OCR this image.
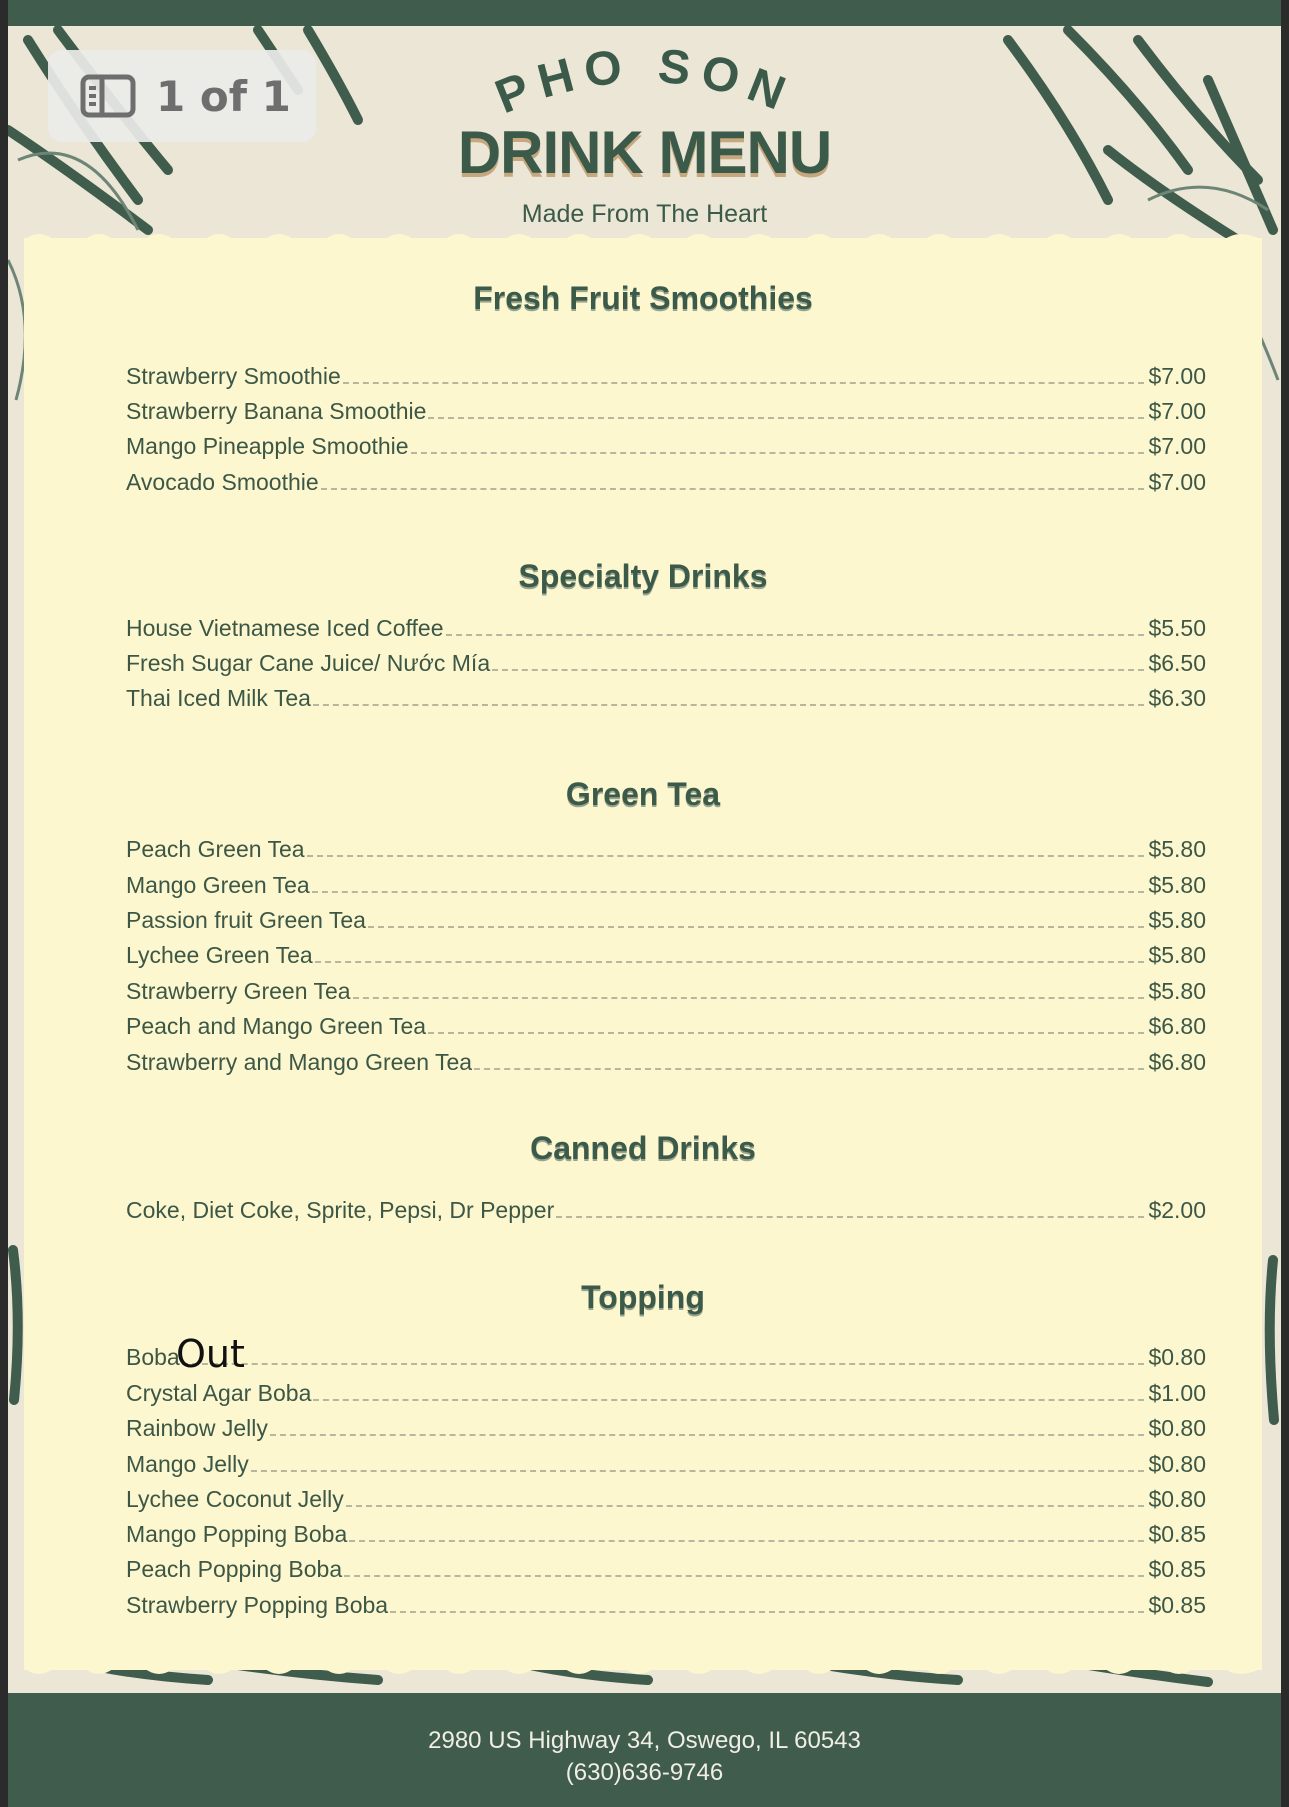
PHO SON
DRINK MENU
Made From The Heart
Fresh Fruit Smoothies
Strawberry Smoothie	$7.00
Strawberry Banana Smoothie	$7.00
Mango Pineapple Smoothie	$7.00
Avocado Smoothie	$7.00
Specialty Drinks
House Vietnamese Iced Coffee	$5.50
Fresh Sugar Cane Juice/ Nước Mía	$6.50
Thai Iced Milk Tea	$6.30
Green Tea
Peach Green Tea	$5.80
Mango Green Tea	$5.80
Passion fruit Green Tea	$5.80
Lychee Green Tea	$5.80
Strawberry Green Tea	$5.80
Peach and Mango Green Tea	$6.80
Strawberry and Mango Green Tea	$6.80
Canned Drinks
Coke, Diet Coke, Sprite, Pepsi, Dr Pepper	$2.00
Topping
Boba	$0.80
Crystal Agar Boba	$1.00
Rainbow Jelly	$0.80
Mango Jelly	$0.80
Lychee Coconut Jelly	$0.80
Mango Popping Boba	$0.85
Peach Popping Boba	$0.85
Strawberry Popping Boba	$0.85
Out
2980 US Highway 34, Oswego, IL 60543
(630)636-9746
1 of 1
